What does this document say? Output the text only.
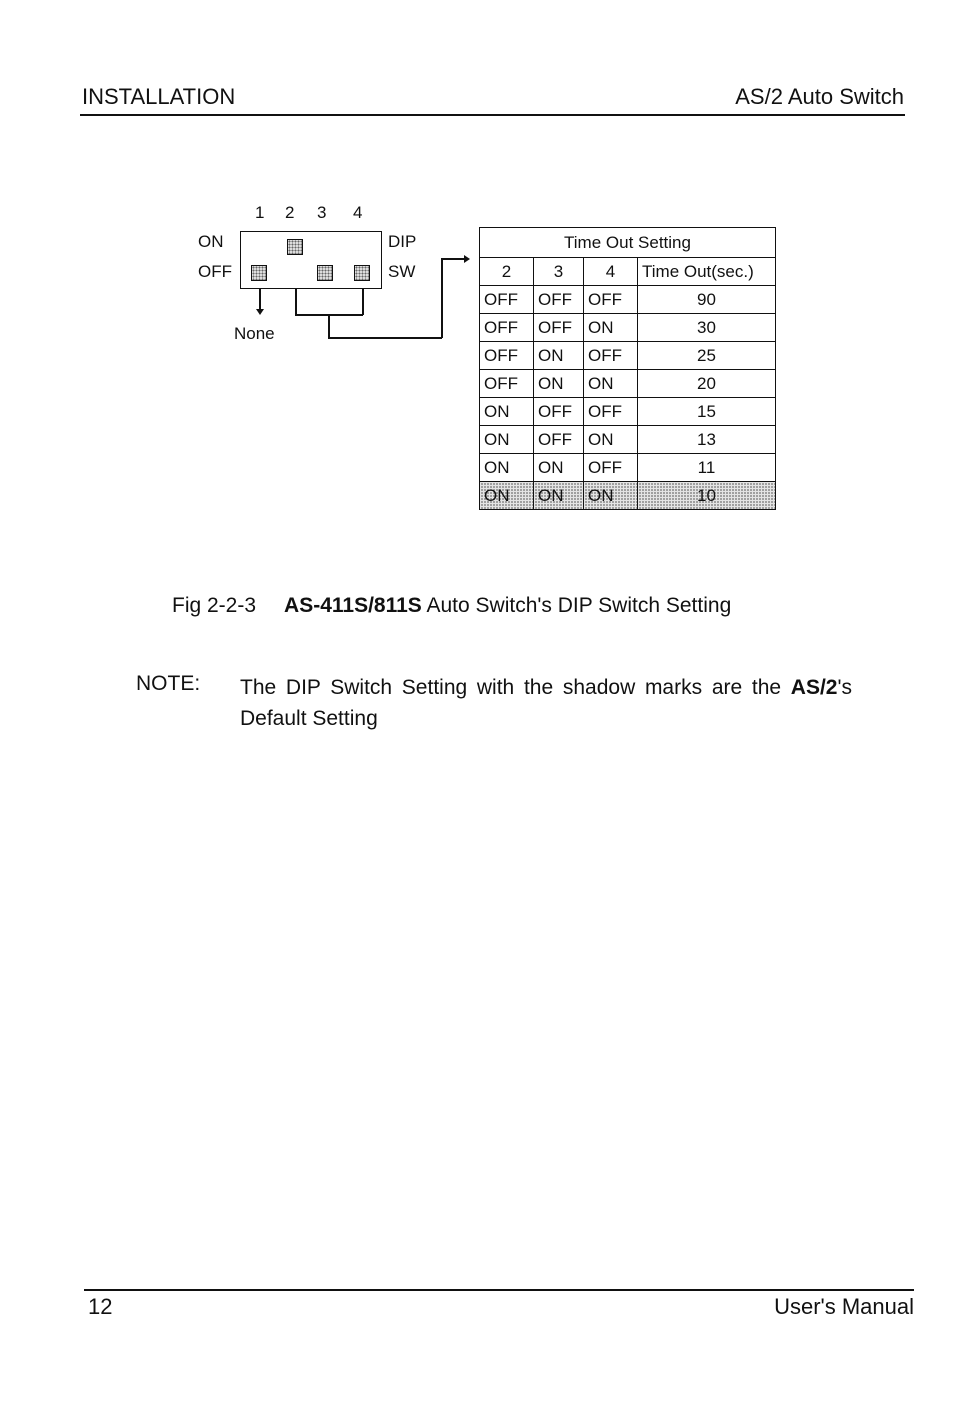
INSTALLATION	AS/2 Auto Switch
1 2 3 4
ON
OFF
DIP
SW
None
Time Out Setting			
2	3	4	Time Out(sec.)
OFF	OFF	OFF	90
OFF	OFF	ON	30
OFF	ON	OFF	25
OFF	ON	ON	20
ON	OFF	OFF	15
ON	OFF	ON	13
ON	ON	OFF	11
ON	ON	ON	10
Fig 2-2-3 AS-411S/811S Auto Switch's DIP Switch Setting
NOTE: The DIP Switch Setting with the shadow marks are the AS/2's Default Setting
12	User's Manual
